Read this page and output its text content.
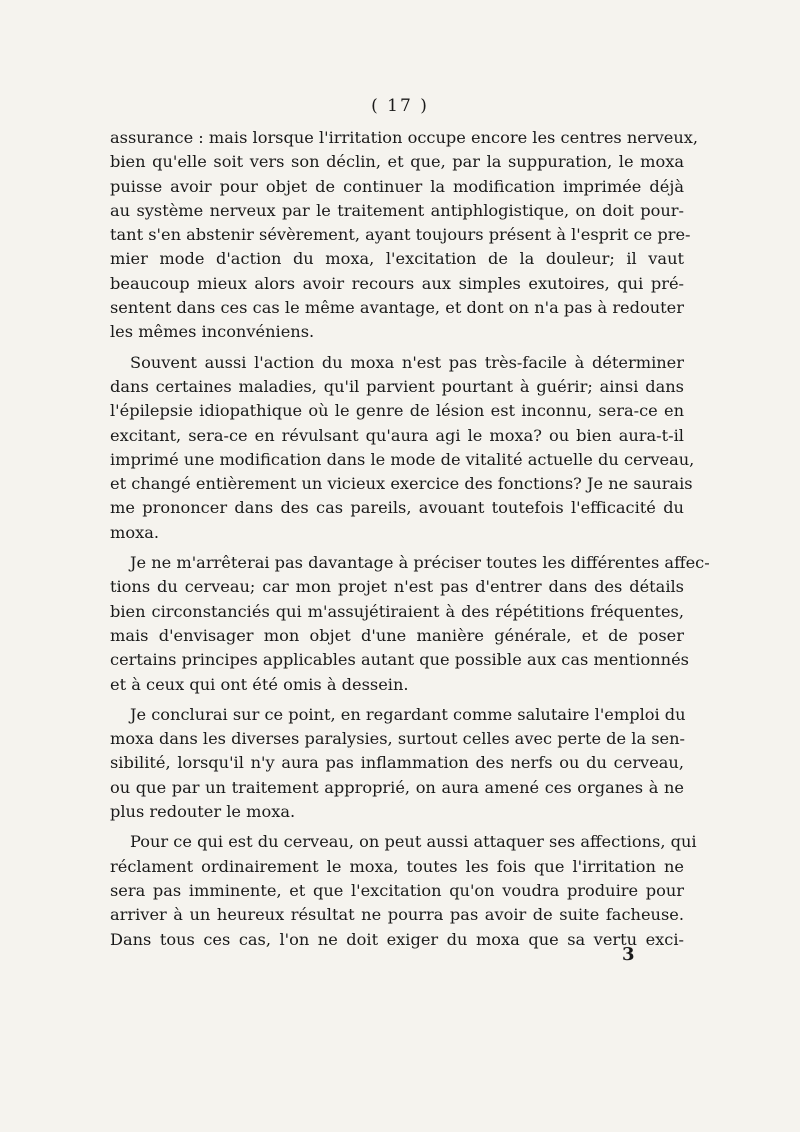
( 17 )
assurance : mais lorsque l'irritation occupe encore les centres nerveux,
bien qu'elle soit vers son déclin, et que, par la suppuration, le moxa
puisse avoir pour objet de continuer la modification imprimée déjà
au système nerveux par le traitement antiphlogistique, on doit pour-
tant s'en abstenir sévèrement, ayant toujours présent à l'esprit ce pre-
mier mode d'action du moxa, l'excitation de la douleur; il vaut
beaucoup mieux alors avoir recours aux simples exutoires, qui pré-
sentent dans ces cas le même avantage, et dont on n'a pas à redouter
les mêmes inconvéniens.
Souvent aussi l'action du moxa n'est pas très-facile à déterminer
dans certaines maladies, qu'il parvient pourtant à guérir; ainsi dans
l'épilepsie idiopathique où le genre de lésion est inconnu, sera-ce en
excitant, sera-ce en révulsant qu'aura agi le moxa? ou bien aura-t-il
imprimé une modification dans le mode de vitalité actuelle du cerveau,
et changé entièrement un vicieux exercice des fonctions? Je ne saurais
me prononcer dans des cas pareils, avouant toutefois l'efficacité du
moxa.
Je ne m'arrêterai pas davantage à préciser toutes les différentes affec-
tions du cerveau; car mon projet n'est pas d'entrer dans des détails
bien circonstanciés qui m'assujétiraient à des répétitions fréquentes,
mais d'envisager mon objet d'une manière générale, et de poser
certains principes applicables autant que possible aux cas mentionnés
et à ceux qui ont été omis à dessein.
Je conclurai sur ce point, en regardant comme salutaire l'emploi du
moxa dans les diverses paralysies, surtout celles avec perte de la sen-
sibilité, lorsqu'il n'y aura pas inflammation des nerfs ou du cerveau,
ou que par un traitement approprié, on aura amené ces organes à ne
plus redouter le moxa.
Pour ce qui est du cerveau, on peut aussi attaquer ses affections, qui
réclament ordinairement le moxa, toutes les fois que l'irritation ne
sera pas imminente, et que l'excitation qu'on voudra produire pour
arriver à un heureux résultat ne pourra pas avoir de suite facheuse.
Dans tous ces cas, l'on ne doit exiger du moxa que sa vertu exci-
3
